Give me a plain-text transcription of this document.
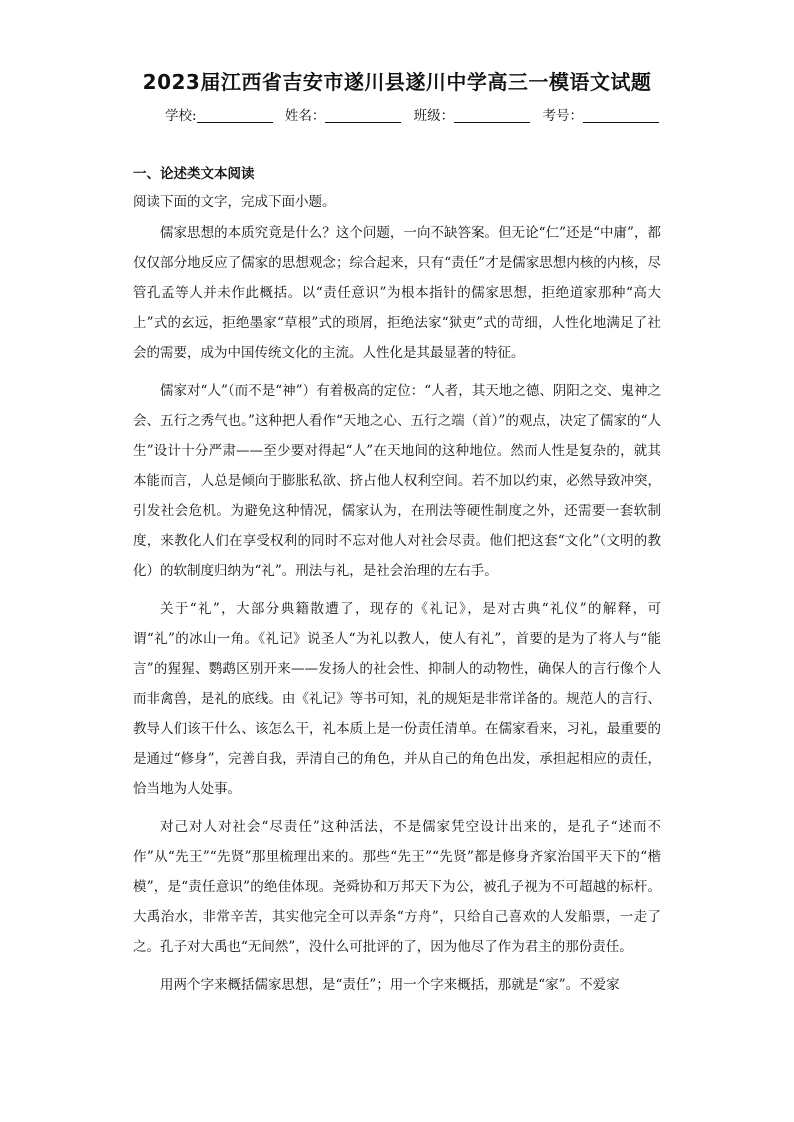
2023届江西省吉安市遂川县遂川中学高三一模语文试题
学校:	姓名：	班级：	考号：
一、论述类文本阅读
阅读下面的文字，完成下面小题。

儒家思想的本质究竟是什么？这个问题，一向不缺答案。但无论“仁”还是“中庸”，都仅仅部分地反应了儒家的思想观念；综合起来，只有“责任”才是儒家思想内核的内核，尽管孔孟等人并未作此概括。以“责任意识”为根本指针的儒家思想，拒绝道家那种“高大上”式的玄远，拒绝墨家“草根”式的琐屑，拒绝法家“狱吏”式的苛细，人性化地满足了社会的需要，成为中国传统文化的主流。人性化是其最显著的特征。

儒家对“人”（而不是“神”）有着极高的定位：“人者，其天地之德、阴阳之交、鬼神之会、五行之秀气也。”这种把人看作“天地之心、五行之端（首）”的观点，决定了儒家的“人生”设计十分严肃——至少要对得起“人”在天地间的这种地位。然而人性是复杂的，就其本能而言，人总是倾向于膨胀私欲、挤占他人权利空间。若不加以约束，必然导致冲突，引发社会危机。为避免这种情况，儒家认为，在刑法等硬性制度之外，还需要一套软制度，来教化人们在享受权利的同时不忘对他人对社会尽责。他们把这套“文化”（文明的教化）的软制度归纳为“礼”。刑法与礼，是社会治理的左右手。

关于“礼”，大部分典籍散遭了，现存的《礼记》，是对古典“礼仪”的解释，可谓“礼”的冰山一角。《礼记》说圣人“为礼以教人，使人有礼”，首要的是为了将人与“能言”的猩猩、鹦鹉区别开来——发扬人的社会性、抑制人的动物性，确保人的言行像个人而非禽兽，是礼的底线。由《礼记》等书可知，礼的规矩是非常详备的。规范人的言行、教导人们该干什么、该怎么干，礼本质上是一份责任清单。在儒家看来，习礼，最重要的是通过“修身”，完善自我，弄清自己的角色，并从自己的角色出发，承担起相应的责任，恰当地为人处事。

对己对人对社会“尽责任”这种活法，不是儒家凭空设计出来的，是孔子“述而不作”从“先王”“先贤”那里梳理出来的。那些“先王”“先贤”都是修身齐家治国平天下的“楷模”，是“责任意识”的绝佳体现。尧舜协和万邦天下为公，被孔子视为不可超越的标杆。大禹治水，非常辛苦，其实他完全可以弄条“方舟”，只给自己喜欢的人发船票，一走了之。孔子对大禹也“无间然”，没什么可批评的了，因为他尽了作为君主的那份责任。

用两个字来概括儒家思想，是“责任”；用一个字来概括，那就是“家”。不爱家
